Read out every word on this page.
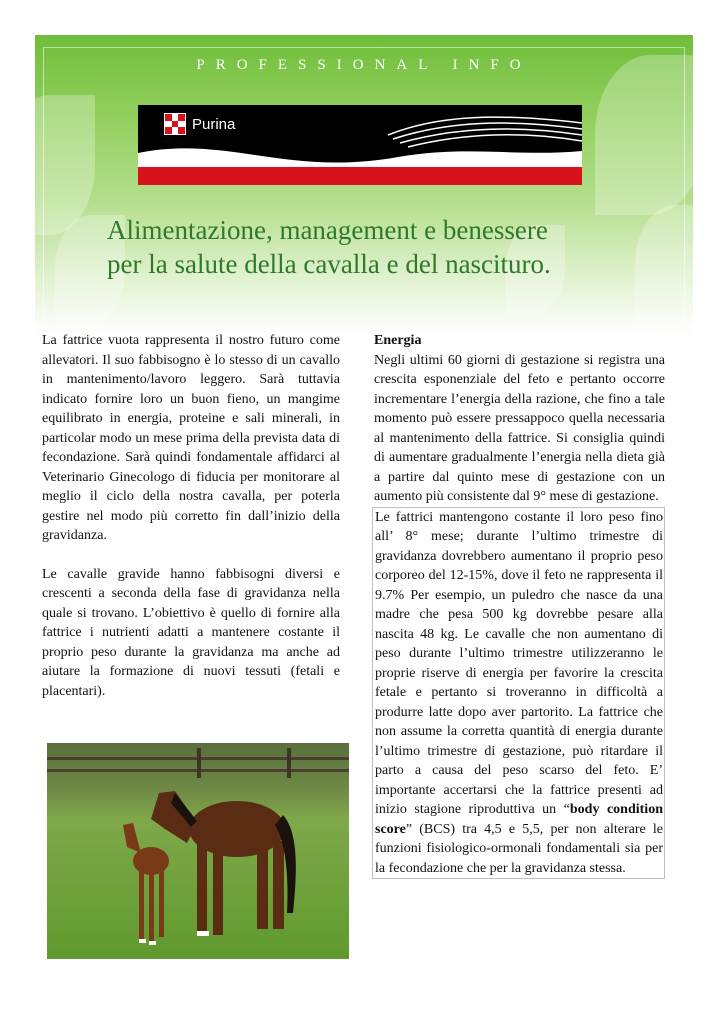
PROFESSIONAL INFO
Purina
Alimentazione, management e benessere
per la salute della cavalla e del nascituro.

La fattrice vuota rappresenta il nostro futuro come allevatori. Il suo fabbisogno è lo stesso di un cavallo in mantenimento/lavoro leggero. Sarà tuttavia indicato fornire loro un buon fieno, un mangime equilibrato in energia, proteine e sali minerali, in particolar modo un mese prima della prevista data di fecondazione. Sarà quindi fondamentale affidarci al Veterinario Ginecologo di fiducia per monitorare al meglio il ciclo della nostra cavalla, per poterla gestire nel modo più corretto fin dall’inizio della gravidanza.

Le cavalle gravide hanno fabbisogni diversi e crescenti a seconda della fase di gravidanza nella quale si trovano. L’obiettivo è quello di fornire alla fattrice i nutrienti adatti a mantenere costante il proprio peso durante la gravidanza ma anche ad aiutare la formazione di nuovi tessuti (fetali e placentari).

Energia

Negli ultimi 60 giorni di gestazione si registra una crescita esponenziale del feto e pertanto occorre incrementare l’energia della razione, che fino a tale momento può essere pressappoco quella necessaria al mantenimento della fattrice. Si consiglia quindi di aumentare gradualmente l’energia nella dieta già a partire dal quinto mese di gestazione con un aumento più consistente dal 9° mese di gestazione.

Le fattrici mantengono costante il loro peso fino all’ 8° mese; durante l’ultimo trimestre di gravidanza dovrebbero aumentano il proprio peso corporeo del 12-15%, dove il feto ne rappresenta il 9.7% Per esempio, un puledro che nasce da una madre che pesa 500 kg dovrebbe pesare alla nascita 48 kg. Le cavalle che non aumentano di peso durante l’ultimo trimestre utilizzeranno le proprie riserve di energia per favorire la crescita fetale e pertanto si troveranno in difficoltà a produrre latte dopo aver partorito. La fattrice che non assume la corretta quantità di energia durante l’ultimo trimestre di gestazione, può ritardare il parto a causa del peso scarso del feto. E’ importante accertarsi che la fattrice presenti ad inizio stagione riproduttiva un “body condition score” (BCS) tra 4,5 e 5,5, per non alterare le funzioni fisiologico-ormonali fondamentali sia per la fecondazione che per la gravidanza stessa.
